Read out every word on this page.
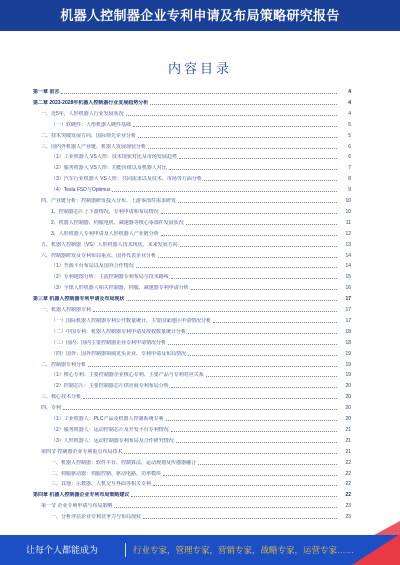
机器人控制器企业专利申请及布局策略研究报告
内容目录
第一章 前言	4
第二章 2023-2028年机器人控制器行业发展趋势分析	4
一、近5年，人形机器人行业发展状况	4
（一）软硬件：人形机器人硬件基础	5
二、技术突破发展方向、国际领先企业分析	5
三、国内外机器人产业链、机器人发展现状分析	6
（1）工业机器人 VS人形：技术现状对比及市场发展趋势	6
（2）服务机器人 VS人形：功能价值以及机器人对比	7
（3）汽车行业机器人 VS人形：共同需求以及技术、市场等方面分析	8
（4）Tesla FSD与Optimus	9
四、产业链分析：控制器研发投入分布、上游零部件需求研发	10
1、控制器芯片上下游情况，专利申请和布局情况	10
2、机器人控制器、伺服电机、减速器等核心零部件发展状况	11
3、人形机器人专利申请及人形机器人产业链分析	12
五、机器人控制器（VS）人形机器人技术现状、未来发展方向	13
六、控制器研发及专利布局重点、国外代表企业分析	14
（1）开源平台布局以及国外合作情况	14
（2）专利地图分析：主流控制器专利布局与技术路线	15
（3）全球人形机器人相关控制器、伺服、减速器专利申请分析	16
第三章 机器人控制器专利申请及布局现状	17
一、机器人控制器专利	17
（一）国际机器人控制器专利公开数量统计、主要国家地区申请情况分析	17
（二）中国专利：机器人控制器专利申请及授权数量统计分析	18
（三）国内：国内主要控制器企业专利申请情况分析	18
（四）国外：国外控制器领域龙头企业、专利申请及布局情况	19
二、控制器专利分析	19
（1）核心专利：主要控制器企业核心专利、主要产品与专利对应关系	19
（2）控制芯片：主要控制器芯片供应商专利布局分析	20
三、核心技术分析	20
四、专利	20
（1）工业机器人：PLC产品及机器人控制系统专利	20
（2）服务机器人：运动控制芯片及开发平台专利情况	21
（3）人形机器人：运动控制器专利布局及合作研究情况	21
第四节 控制器企业专利重点布局技术	21
一、机器人控制器：软件平台、控制算法、运动规划及传感器融合	22
二、伺服驱动器：伺服控制、驱动电路、功率模块	22
三、其他：示教器、人机交互界面等相关专利	22
第四章 机器人控制器企业专利布局策略建议	22
第一节 企业专利申请与布局策略	23
一、分析评估企业专利竞争力与布局现状	23
让每个人都能成为	行业专家，管理专家，营销专家，战略专家，运营专家……
